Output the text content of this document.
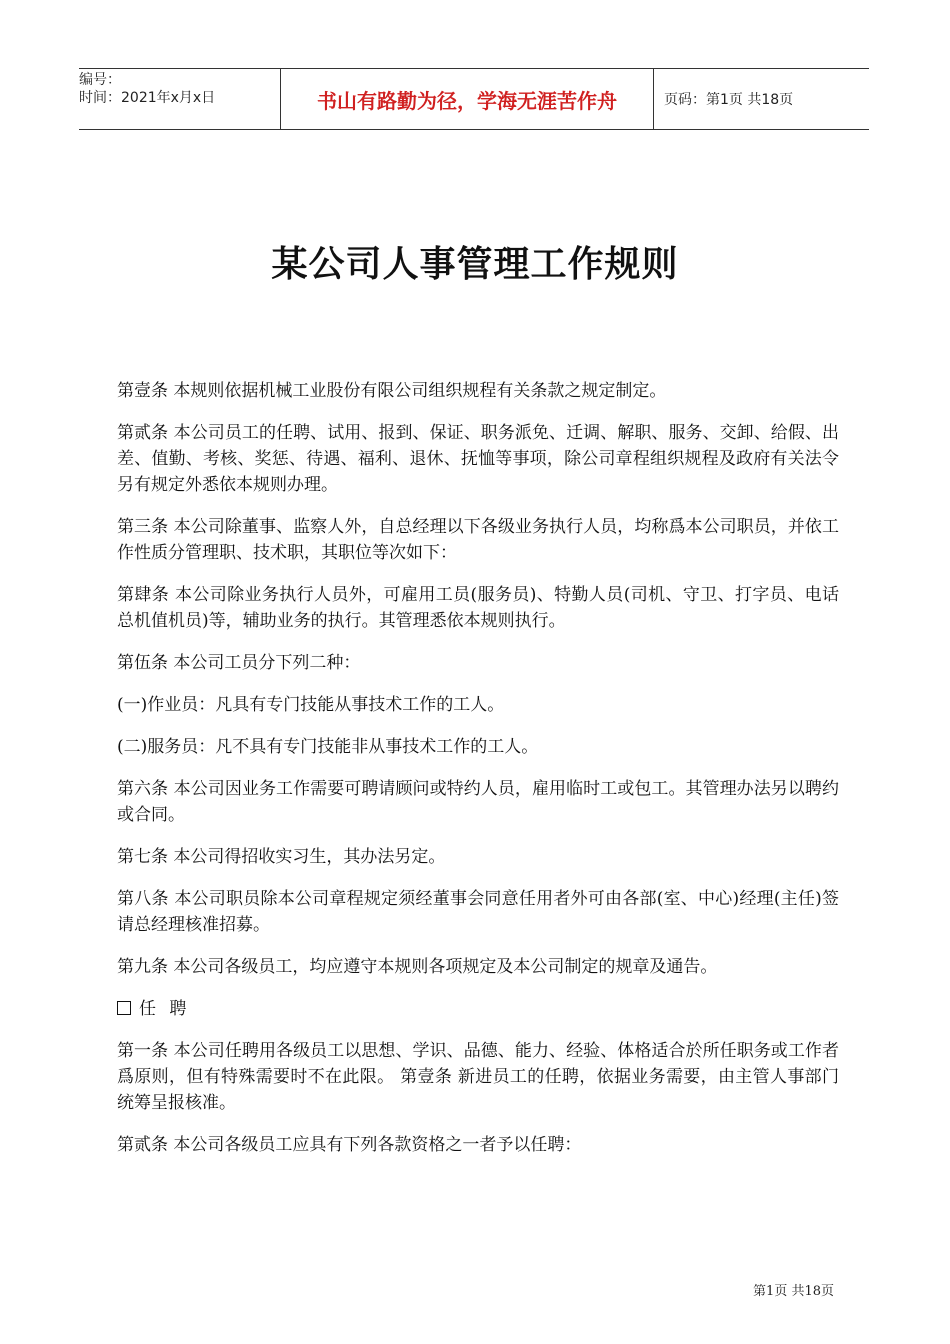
编号：
时间：2021年x月x日	书山有路勤为径，学海无涯苦作舟	页码：第1页 共18页
某公司人事管理工作规则

第壹条 本规则依据机械工业股份有限公司组织规程有关条款之规定制定。

第贰条 本公司员工的任聘、试用、报到、保证、职务派免、迁调、解职、服务、交卸、给假、出差、值勤、考核、奖惩、待遇、福利、退休、抚恤等事项，除公司章程组织规程及政府有关法令另有规定外悉依本规则办理。

第三条 本公司除董事、监察人外，自总经理以下各级业务执行人员，均称爲本公司职员，并依工作性质分管理职、技术职，其职位等次如下：

第肆条 本公司除业务执行人员外，可雇用工员(服务员)、特勤人员(司机、守卫、打字员、电话总机值机员)等，辅助业务的执行。其管理悉依本规则执行。

第伍条 本公司工员分下列二种：

(一)作业员：凡具有专门技能从事技术工作的工人。

(二)服务员：凡不具有专门技能非从事技术工作的工人。

第六条 本公司因业务工作需要可聘请顾问或特约人员，雇用临时工或包工。其管理办法另以聘约或合同。

第七条 本公司得招收实习生，其办法另定。

第八条 本公司职员除本公司章程规定须经董事会同意任用者外可由各部(室、中心)经理(主任)签请总经理核准招募。

第九条 本公司各级员工，均应遵守本规则各项规定及本公司制定的规章及通告。

任 聘

第一条 本公司任聘用各级员工以思想、学识、品德、能力、经验、体格适合於所任职务或工作者爲原则，但有特殊需要时不在此限。 第壹条 新进员工的任聘，依据业务需要，由主管人事部门统筹呈报核准。

第贰条 本公司各级员工应具有下列各款资格之一者予以任聘：

第1页 共18页
